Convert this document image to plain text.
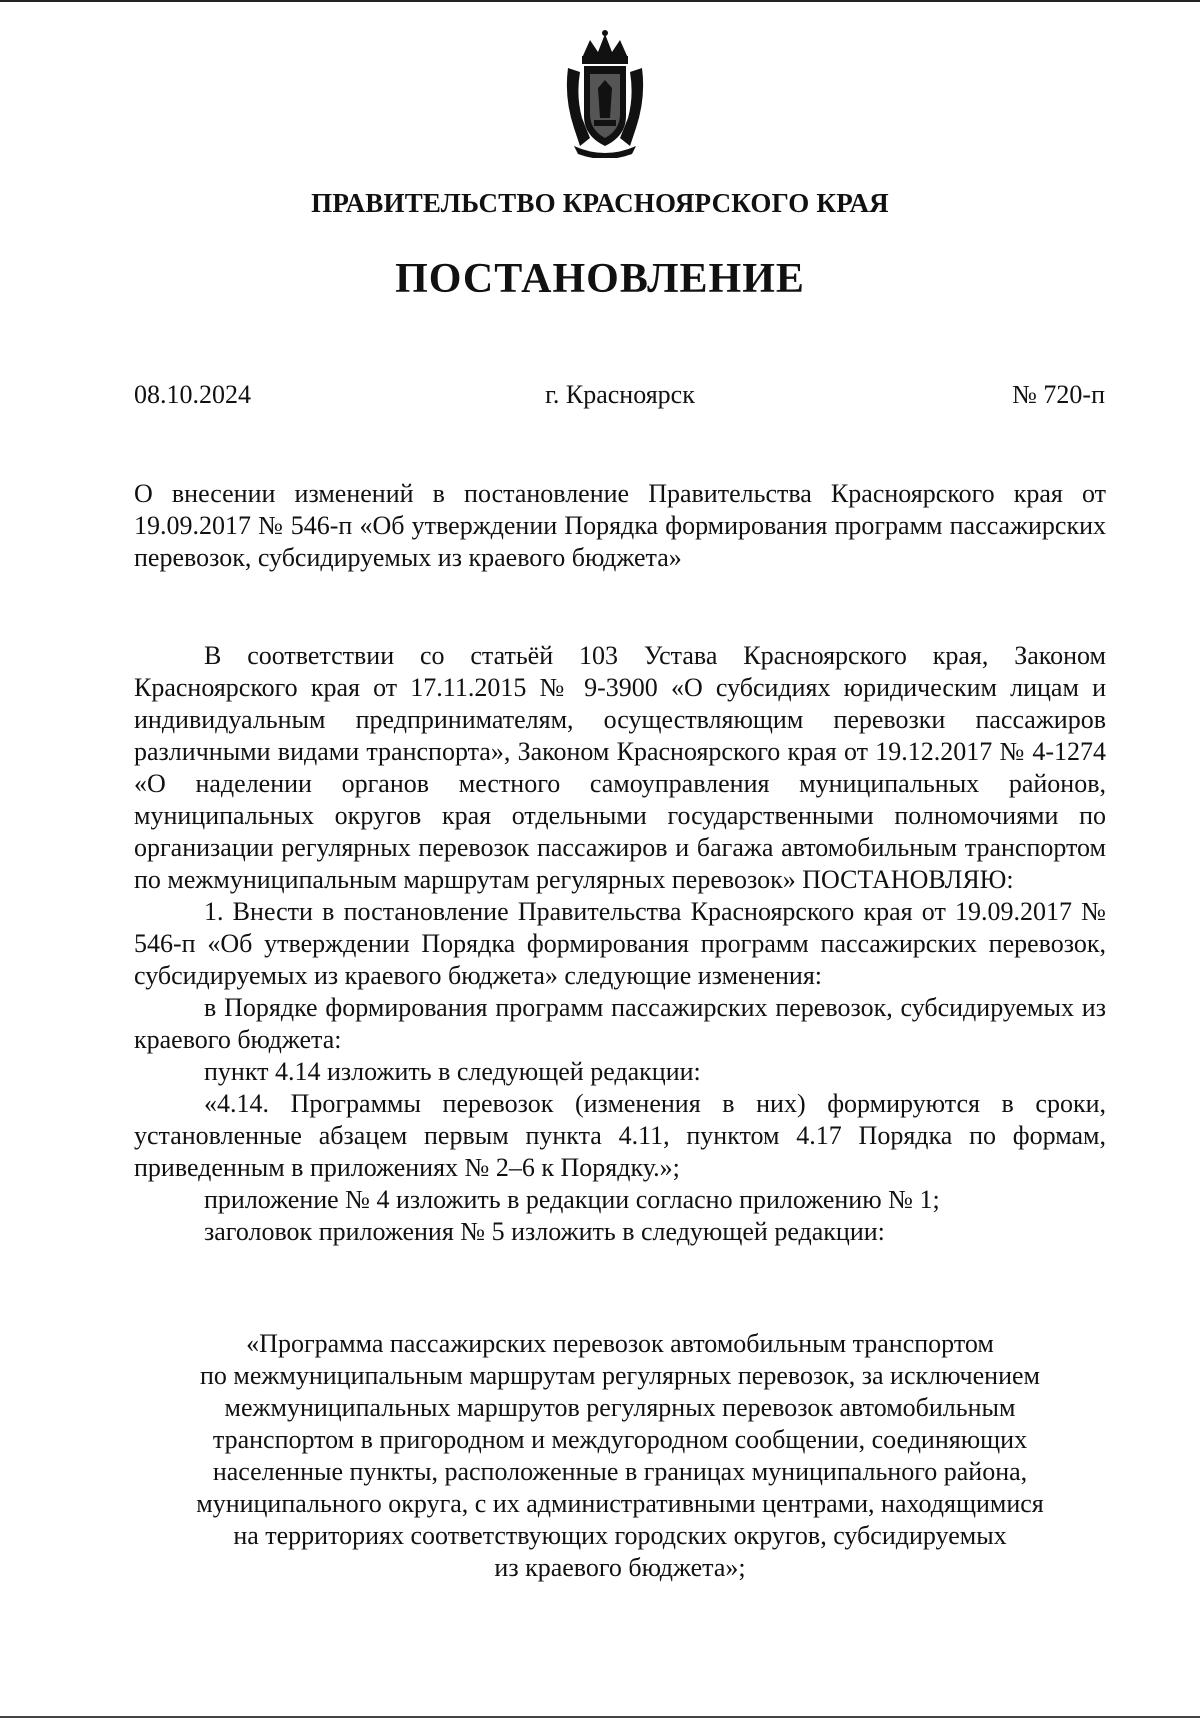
ПРАВИТЕЛЬСТВО КРАСНОЯРСКОГО КРАЯ
ПОСТАНОВЛЕНИЕ
08.10.2024	г. Красноярск	№ 720-п
О внесении изменений в постановление Правительства Красноярского края от 19.09.2017 № 546-п «Об утверждении Порядка формирования программ пассажирских перевозок, субсидируемых из краевого бюджета»

В соответствии со статьёй 103 Устава Красноярского края, Законом Красноярского края от 17.11.2015 № 9-3900 «О субсидиях юридическим лицам и индивидуальным предпринимателям, осуществляющим перевозки пассажиров различными видами транспорта», Законом Красноярского края от 19.12.2017 № 4-1274 «О наделении органов местного самоуправления муниципальных районов, муниципальных округов края отдельными государственными полномочиями по организации регулярных перевозок пассажиров и багажа автомобильным транспортом по межмуниципальным маршрутам регулярных перевозок» ПОСТАНОВЛЯЮ:

1. Внести в постановление Правительства Красноярского края от 19.09.2017 № 546-п «Об утверждении Порядка формирования программ пассажирских перевозок, субсидируемых из краевого бюджета» следующие изменения:

в Порядке формирования программ пассажирских перевозок, субсидируемых из краевого бюджета:

пункт 4.14 изложить в следующей редакции:

«4.14. Программы перевозок (изменения в них) формируются в сроки, установленные абзацем первым пункта 4.11, пунктом 4.17 Порядка по формам, приведенным в приложениях № 2–6 к Порядку.»;

приложение № 4 изложить в редакции согласно приложению № 1;

заголовок приложения № 5 изложить в следующей редакции:

«Программа пассажирских перевозок автомобильным транспортом
по межмуниципальным маршрутам регулярных перевозок, за исключением
межмуниципальных маршрутов регулярных перевозок автомобильным
транспортом в пригородном и междугородном сообщении, соединяющих
населенные пункты, расположенные в границах муниципального района,
муниципального округа, с их административными центрами, находящимися
на территориях соответствующих городских округов, субсидируемых
из краевого бюджета»;
